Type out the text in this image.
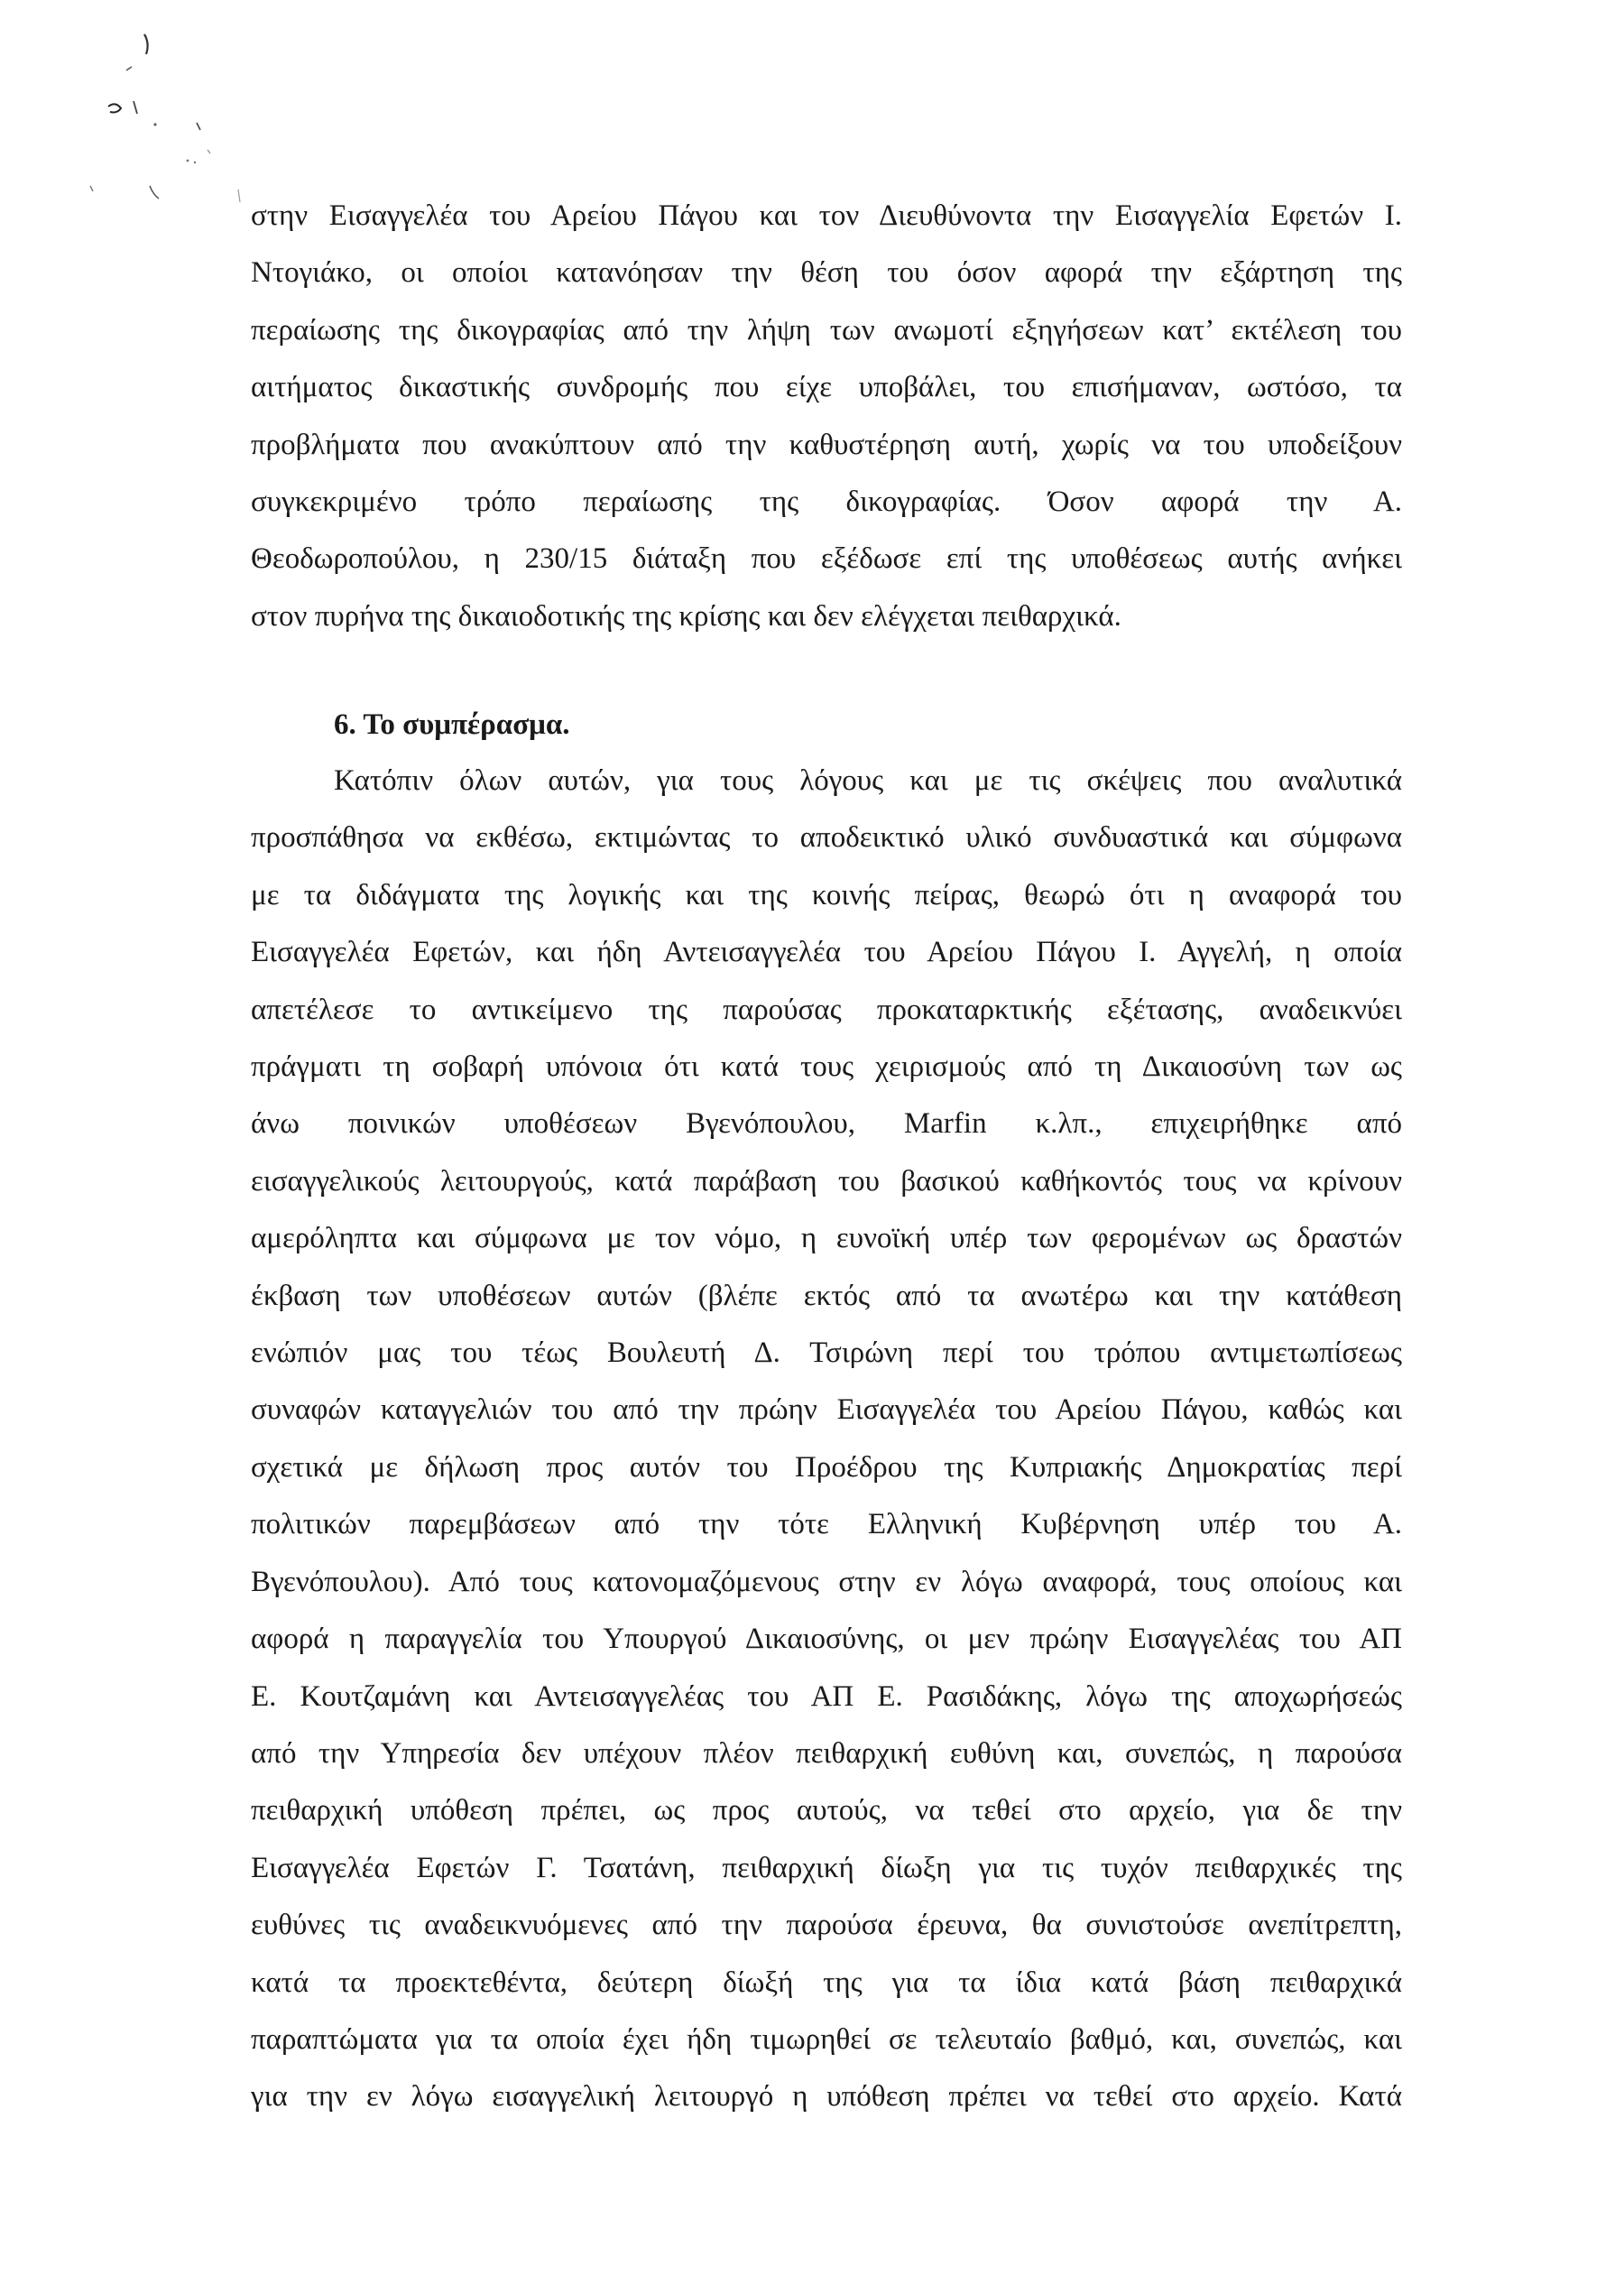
στην Εισαγγελέα του Αρείου Πάγου και τον Διευθύνοντα την Εισαγγελία Εφετών Ι.
Ντογιάκο, οι οποίοι κατανόησαν την θέση του όσον αφορά την εξάρτηση της
περαίωσης της δικογραφίας από την λήψη των ανωμοτί εξηγήσεων κατ’ εκτέλεση του
αιτήματος δικαστικής συνδρομής που είχε υποβάλει, του επισήμαναν, ωστόσο, τα
προβλήματα που ανακύπτουν από την καθυστέρηση αυτή, χωρίς να του υποδείξουν
συγκεκριμένο τρόπο περαίωσης της δικογραφίας. Όσον αφορά την Α.
Θεοδωροπούλου, η 230/15 διάταξη που εξέδωσε επί της υποθέσεως αυτής ανήκει
στον πυρήνα της δικαιοδοτικής της κρίσης και δεν ελέγχεται πειθαρχικά.
6. Το συμπέρασμα.
Κατόπιν όλων αυτών, για τους λόγους και με τις σκέψεις που αναλυτικά
προσπάθησα να εκθέσω, εκτιμώντας το αποδεικτικό υλικό συνδυαστικά και σύμφωνα
με τα διδάγματα της λογικής και της κοινής πείρας, θεωρώ ότι η αναφορά του
Εισαγγελέα Εφετών, και ήδη Αντεισαγγελέα του Αρείου Πάγου Ι. Αγγελή, η οποία
απετέλεσε το αντικείμενο της παρούσας προκαταρκτικής εξέτασης, αναδεικνύει
πράγματι τη σοβαρή υπόνοια ότι κατά τους χειρισμούς από τη Δικαιοσύνη των ως
άνω ποινικών υποθέσεων Βγενόπουλου, Marfin κ.λπ., επιχειρήθηκε από
εισαγγελικούς λειτουργούς, κατά παράβαση του βασικού καθήκοντός τους να κρίνουν
αμερόληπτα και σύμφωνα με τον νόμο, η ευνοϊκή υπέρ των φερομένων ως δραστών
έκβαση των υποθέσεων αυτών (βλέπε εκτός από τα ανωτέρω και την κατάθεση
ενώπιόν μας του τέως Βουλευτή Δ. Τσιρώνη περί του τρόπου αντιμετωπίσεως
συναφών καταγγελιών του από την πρώην Εισαγγελέα του Αρείου Πάγου, καθώς και
σχετικά με δήλωση προς αυτόν του Προέδρου της Κυπριακής Δημοκρατίας περί
πολιτικών παρεμβάσεων από την τότε Ελληνική Κυβέρνηση υπέρ του Α.
Βγενόπουλου). Από τους κατονομαζόμενους στην εν λόγω αναφορά, τους οποίους και
αφορά η παραγγελία του Υπουργού Δικαιοσύνης, οι μεν πρώην Εισαγγελέας του ΑΠ
Ε. Κουτζαμάνη και Αντεισαγγελέας του ΑΠ Ε. Ρασιδάκης, λόγω της αποχωρήσεώς
από την Υπηρεσία δεν υπέχουν πλέον πειθαρχική ευθύνη και, συνεπώς, η παρούσα
πειθαρχική υπόθεση πρέπει, ως προς αυτούς, να τεθεί στο αρχείο, για δε την
Εισαγγελέα Εφετών Γ. Τσατάνη, πειθαρχική δίωξη για τις τυχόν πειθαρχικές της
ευθύνες τις αναδεικνυόμενες από την παρούσα έρευνα, θα συνιστούσε ανεπίτρεπτη,
κατά τα προεκτεθέντα, δεύτερη δίωξή της για τα ίδια κατά βάση πειθαρχικά
παραπτώματα για τα οποία έχει ήδη τιμωρηθεί σε τελευταίο βαθμό, και, συνεπώς, και
για την εν λόγω εισαγγελική λειτουργό η υπόθεση πρέπει να τεθεί στο αρχείο. Κατά
